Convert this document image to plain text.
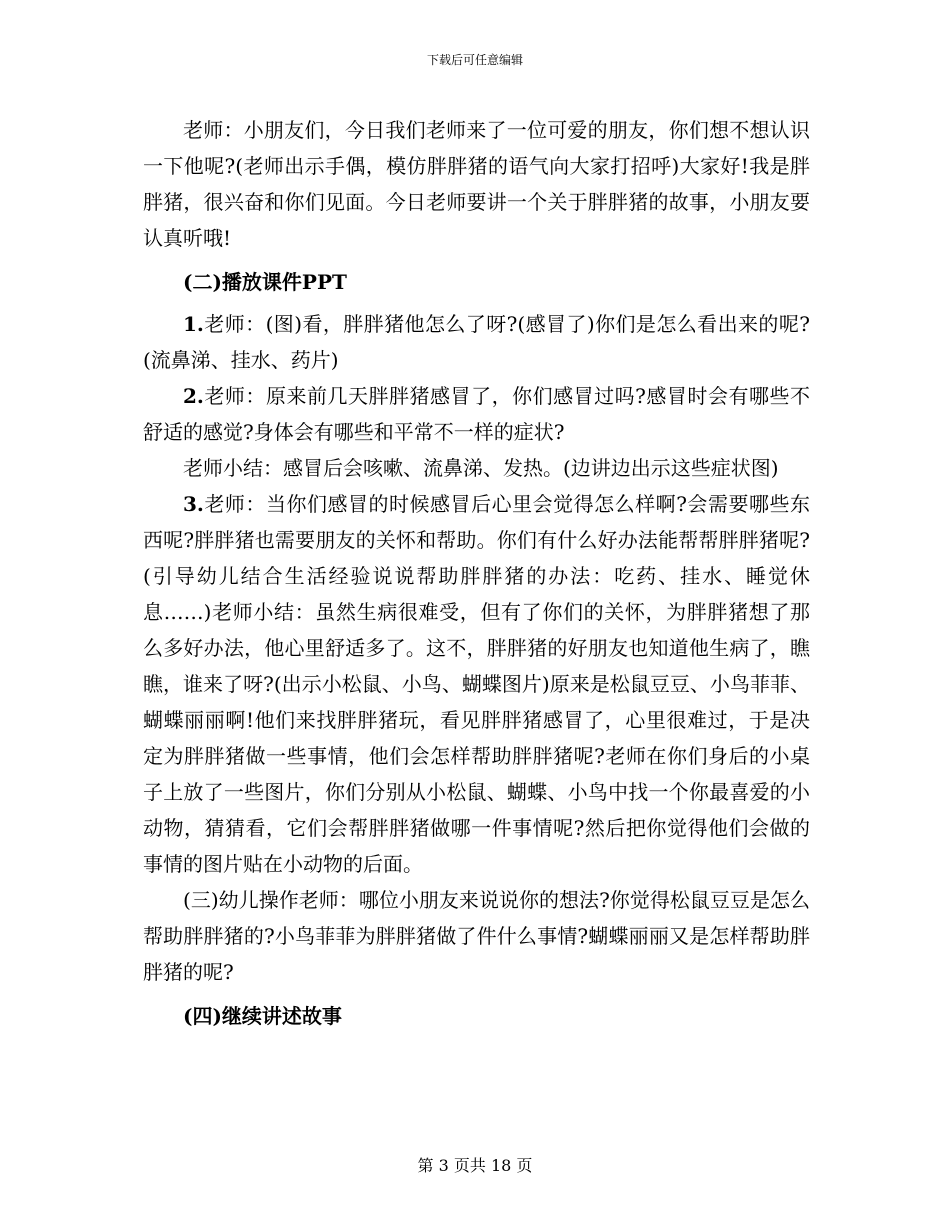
下载后可任意编辑

老师：小朋友们，今日我们老师来了一位可爱的朋友，你们想不想认识一下他呢?(老师出示手偶，模仿胖胖猪的语气向大家打招呼)大家好!我是胖胖猪，很兴奋和你们见面。今日老师要讲一个关于胖胖猪的故事，小朋友要认真听哦!

(二)播放课件PPT

1.老师：(图)看，胖胖猪他怎么了呀?(感冒了)你们是怎么看出来的呢?(流鼻涕、挂水、药片)

2.老师：原来前几天胖胖猪感冒了，你们感冒过吗?感冒时会有哪些不舒适的感觉?身体会有哪些和平常不一样的症状?

老师小结：感冒后会咳嗽、流鼻涕、发热。(边讲边出示这些症状图)

3.老师：当你们感冒的时候感冒后心里会觉得怎么样啊?会需要哪些东西呢?胖胖猪也需要朋友的关怀和帮助。你们有什么好办法能帮帮胖胖猪呢?(引导幼儿结合生活经验说说帮助胖胖猪的办法：吃药、挂水、睡觉休息……)老师小结：虽然生病很难受，但有了你们的关怀，为胖胖猪想了那么多好办法，他心里舒适多了。这不，胖胖猪的好朋友也知道他生病了，瞧瞧，谁来了呀?(出示小松鼠、小鸟、蝴蝶图片)原来是松鼠豆豆、小鸟菲菲、蝴蝶丽丽啊!他们来找胖胖猪玩，看见胖胖猪感冒了，心里很难过，于是决定为胖胖猪做一些事情，他们会怎样帮助胖胖猪呢?老师在你们身后的小桌子上放了一些图片，你们分别从小松鼠、蝴蝶、小鸟中找一个你最喜爱的小动物，猜猜看，它们会帮胖胖猪做哪一件事情呢?然后把你觉得他们会做的事情的图片贴在小动物的后面。

(三)幼儿操作老师：哪位小朋友来说说你的想法?你觉得松鼠豆豆是怎么帮助胖胖猪的?小鸟菲菲为胖胖猪做了件什么事情?蝴蝶丽丽又是怎样帮助胖胖猪的呢?

(四)继续讲述故事

第 3 页共 18 页
